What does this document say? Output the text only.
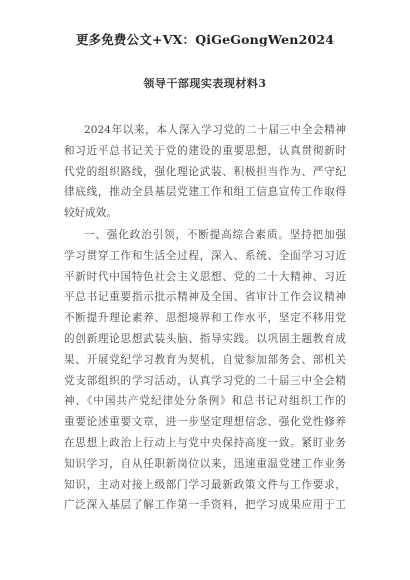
更多免费公文+VX：QiGeGongWen2024
领导干部现实表现材料3
2024年以来，本人深入学习党的二十届三中全会精神
和习近平总书记关于党的建设的重要思想，认真贯彻新时
代党的组织路线，强化理论武装、积极担当作为、严守纪
律底线，推动全县基层党建工作和组工信息宣传工作取得
较好成效。
一、强化政治引领，不断提高综合素质。坚持把加强
学习贯穿工作和生活全过程，深入、系统、全面学习习近
平新时代中国特色社会主义思想、党的二十大精神、习近
平总书记重要指示批示精神及全国、省审计工作会议精神
不断提升理论素养、思想境界和工作水平，坚定不移用党
的创新理论思想武装头脑、指导实践。以巩固主题教育成
果、开展党纪学习教育为契机，自觉参加部务会、部机关
党支部组织的学习活动，认真学习党的二十届三中全会精
神、《中国共产党纪律处分条例》和总书记对组织工作的
重要论述重要文章，进一步坚定理想信念、强化党性修养
在思想上政治上行动上与党中央保持高度一致。紧盯业务
知识学习，自从任职新岗位以来，迅速重温党建工作业务
知识，主动对接上级部门学习最新政策文件与工作要求，
广泛深入基层了解工作第一手资料，把学习成果应用于工
